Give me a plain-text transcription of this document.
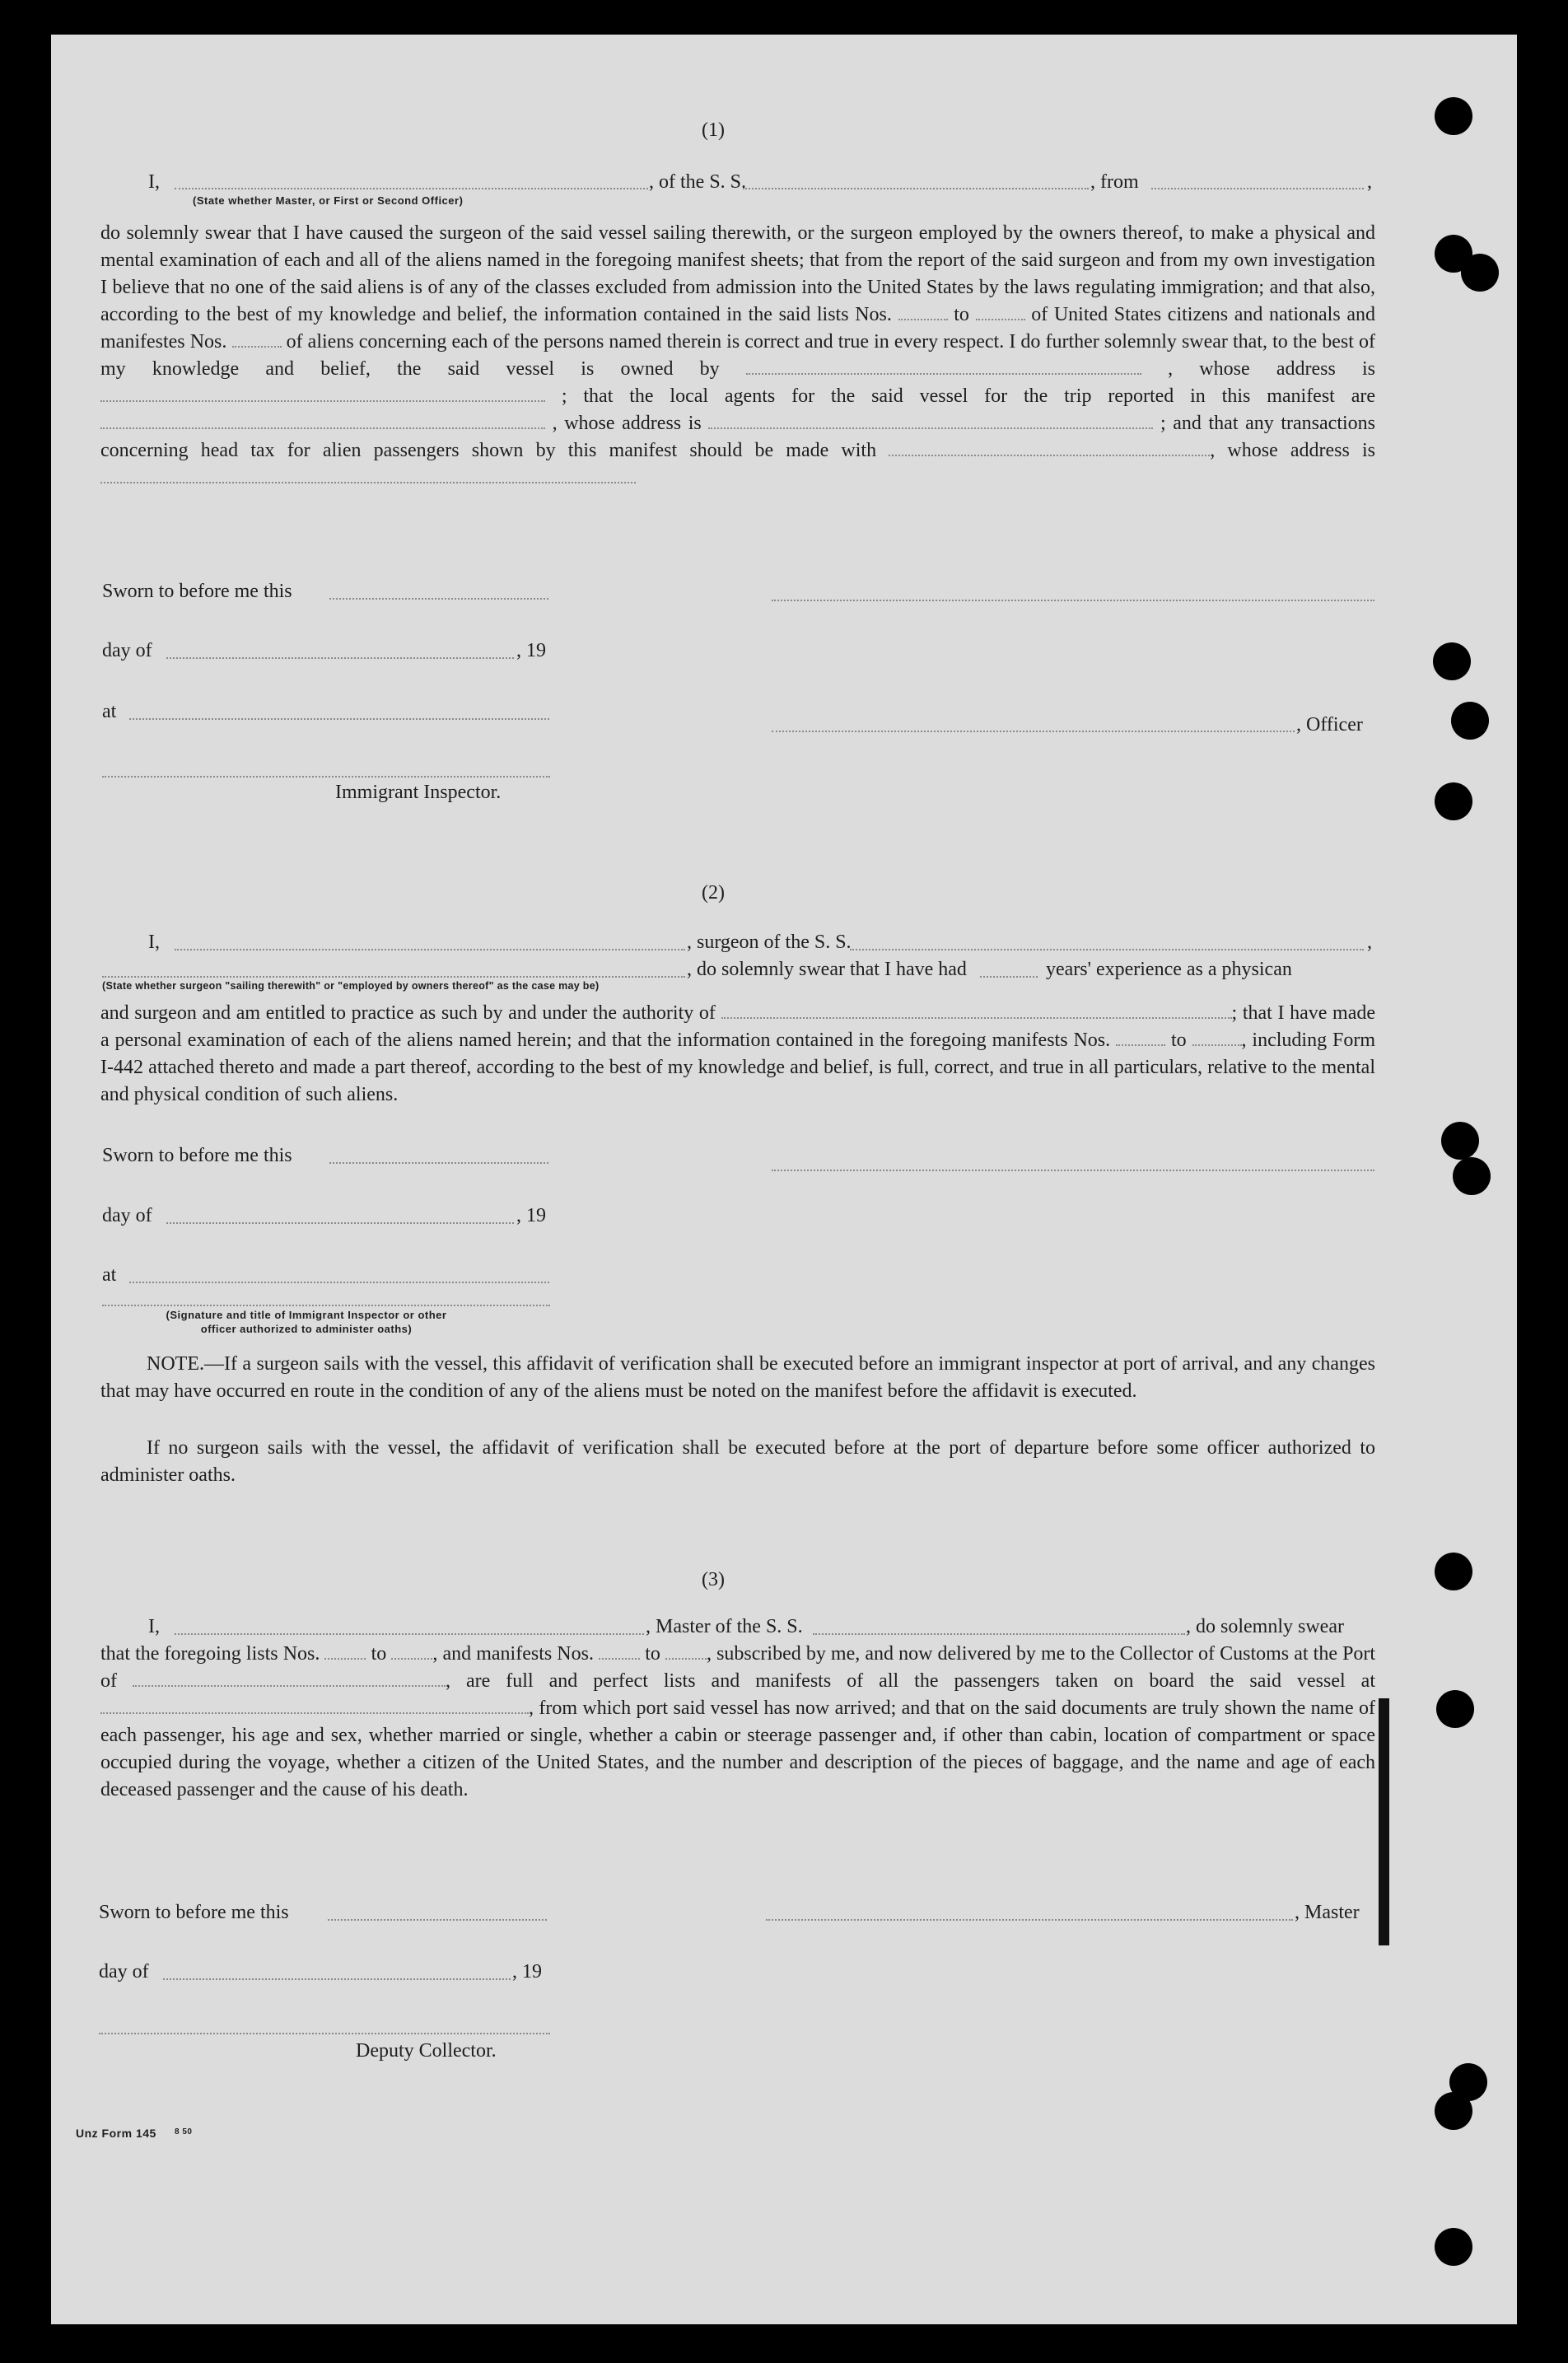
(1)
I,	, of the S. S.	, from	,
(State whether Master, or First or Second Officer)
do solemnly swear that I have caused the surgeon of the said vessel sailing therewith, or the surgeon employed by the owners thereof, to make a physical and mental examination of each and all of the aliens named in the foregoing manifest sheets; that from the report of the said surgeon and from my own investigation I believe that no one of the said aliens is of any of the classes excluded from admission into the United States by the laws regulating immigration; and that also, according to the best of my knowledge and belief, the information contained in the said lists Nos.	to	of United States citizens and nationals and manifestes Nos.	of aliens concerning each of the persons named therein is correct and true in every respect. I do further solemnly swear that, to the best of my knowledge and belief, the said vessel is owned by	, whose address is  ; that the local agents for the said vessel for the trip reported in this manifest are  , whose address is	; and that any transactions concerning head tax for alien passengers shown by this manifest should be made with	, whose address is
Sworn to before me this
day of	, 19
at
, Officer
Immigrant Inspector.
(2)
I,	, surgeon of the S. S.	,
, do solemnly swear that I have had	years' experience as a physican
(State whether surgeon "sailing therewith" or "employed by owners thereof" as the case may be)
and surgeon and am entitled to practice as such by and under the authority of	; that I have made a personal examination of each of the aliens named herein; and that the information contained in the foregoing manifests Nos.	to	, including Form I-442 attached thereto and made a part thereof, according to the best of my knowledge and belief, is full, correct, and true in all particulars, relative to the mental and physical condition of such aliens.
Sworn to before me this
day of	, 19
at
(Signature and title of Immigrant Inspector or other
officer authorized to administer oaths)
NOTE.—If a surgeon sails with the vessel, this affidavit of verification shall be executed before an immigrant inspector at port of arrival, and any changes that may have occurred en route in the condition of any of the aliens must be noted on the manifest before the affidavit is executed.
If no surgeon sails with the vessel, the affidavit of verification shall be executed before at the port of departure before some officer authorized to administer oaths.
(3)
I,	, Master of the S. S.	, do solemnly swear
that the foregoing lists Nos.	to , and manifests Nos.	to , subscribed by me, and now delivered by me to the Collector of Customs at the Port of	, are full and perfect lists and manifests of all the passengers taken on board the said vessel at , from which port said vessel has now arrived; and that on the said documents are truly shown the name of each passenger, his age and sex, whether married or single, whether a cabin or steerage passenger and, if other than cabin, location of compartment or space occupied during the voyage, whether a citizen of the United States, and the number and description of the pieces of baggage, and the name and age of each deceased passenger and the cause of his death.
Sworn to before me this	, Master
day of	, 19
Deputy Collector.
Unz Form 145 8 50
